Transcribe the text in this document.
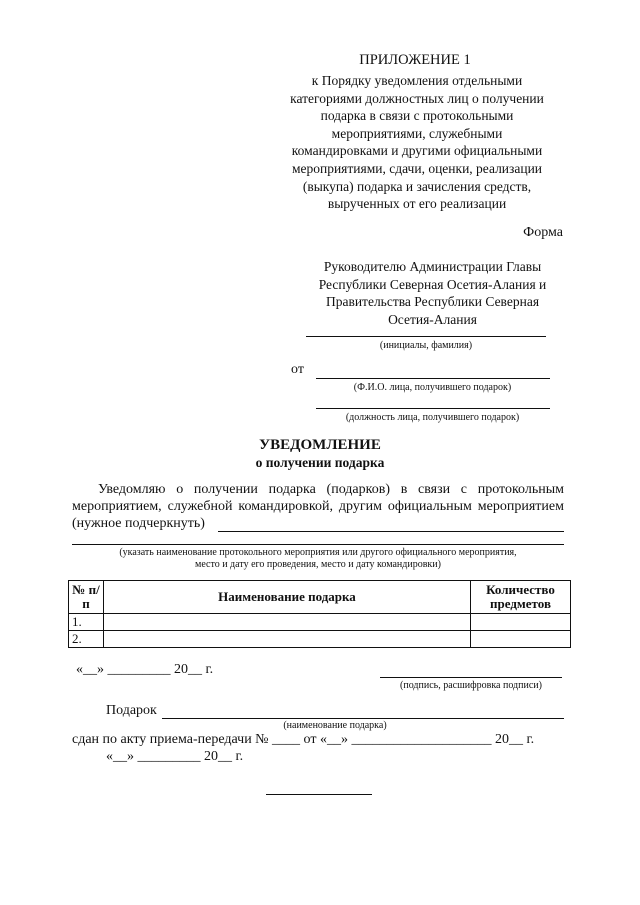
ПРИЛОЖЕНИЕ 1
к Порядку уведомления отдельными
категориями должностных лиц о получении
подарка в связи с протокольными
мероприятиями, служебными
командировками и другими официальными
мероприятиями, сдачи, оценки, реализации
(выкупа) подарка и зачисления средств,
вырученных от его реализации
Форма
Руководителю Администрации Главы
Республики Северная Осетия-Алания и
Правительства Республики Северная
Осетия-Алания
(инициалы, фамилия)
от
(Ф.И.О. лица, получившего подарок)
(должность лица, получившего подарок)
УВЕДОМЛЕНИЕ
о получении подарка
Уведомляю о получении подарка (подарков) в связи с протокольным
мероприятием, служебной командировкой, другим официальным мероприятием
(нужное подчеркнуть)
(указать наименование протокольного мероприятия или другого официального мероприятия,
место и дату его проведения, место и дату командировки)
№ п/п	Наименование подарка	Количество предметов
1.		
2.		
«__» _________ 20__ г.
(подпись, расшифровка подписи)
Подарок
(наименование подарка)
сдан по акту приема-передачи № ____ от «__» ____________________ 20__ г.
«__» _________ 20__ г.
